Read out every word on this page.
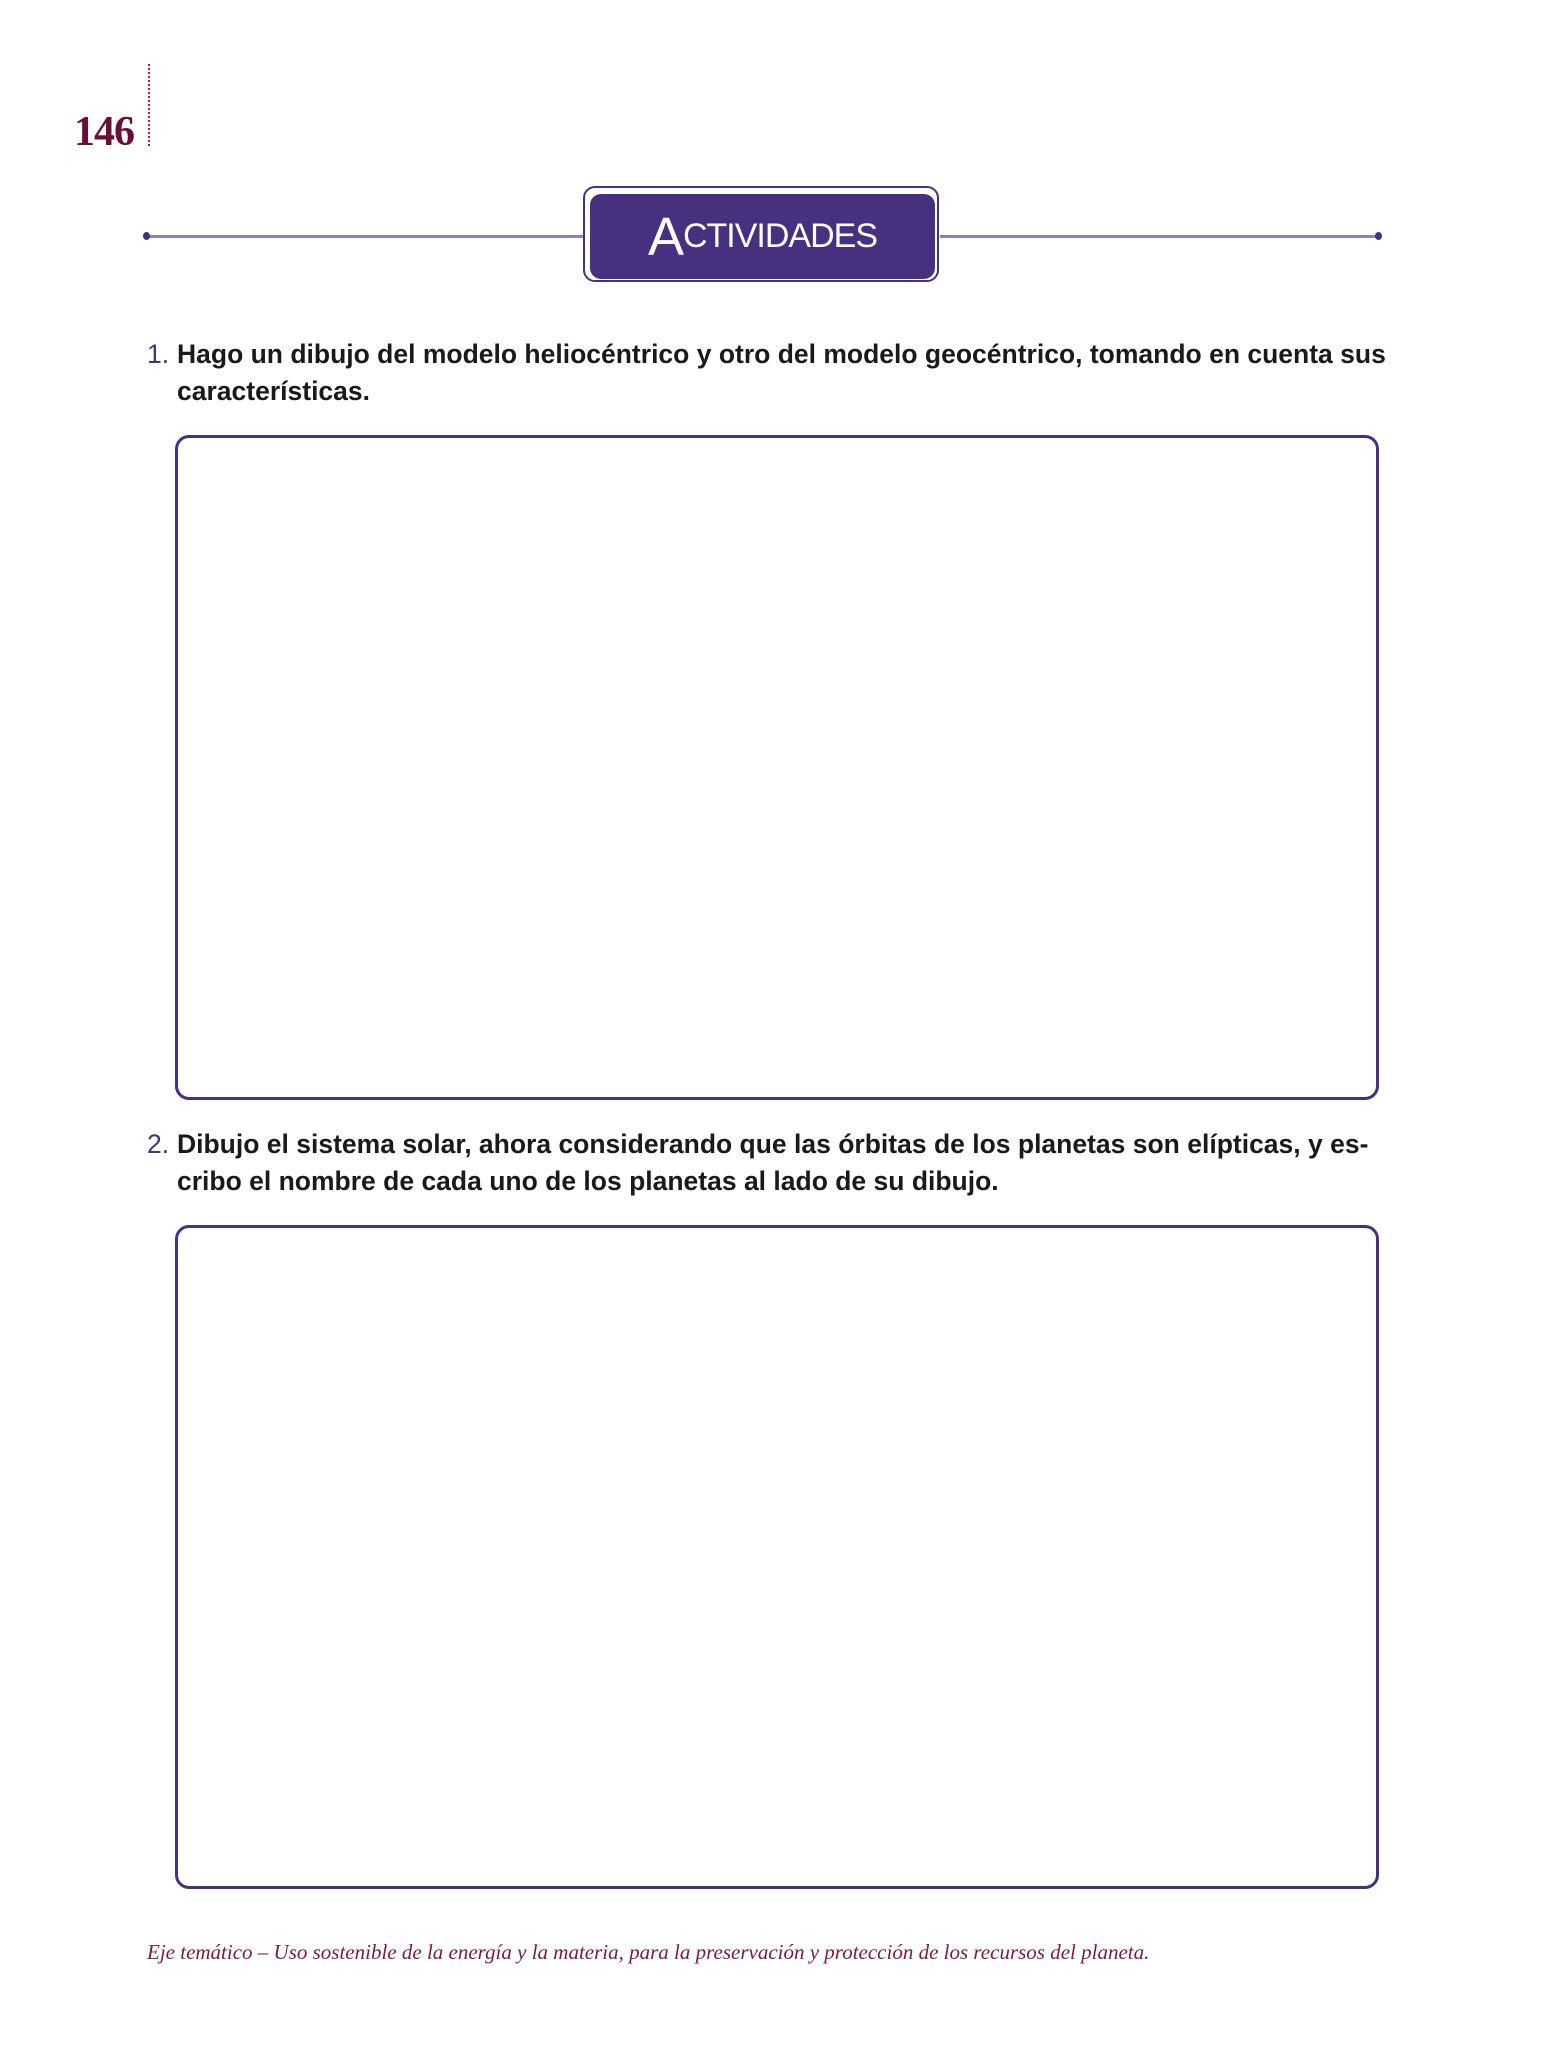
146
A CTIVIDADES
1. Hago un dibujo del modelo heliocéntrico y otro del modelo geocéntrico, tomando en cuenta sus
características.
2. Dibujo el sistema solar, ahora considerando que las órbitas de los planetas son elípticas, y es-
cribo el nombre de cada uno de los planetas al lado de su dibujo.
Eje temático – Uso sostenible de la energía y la materia, para la preservación y protección de los recursos del planeta.
